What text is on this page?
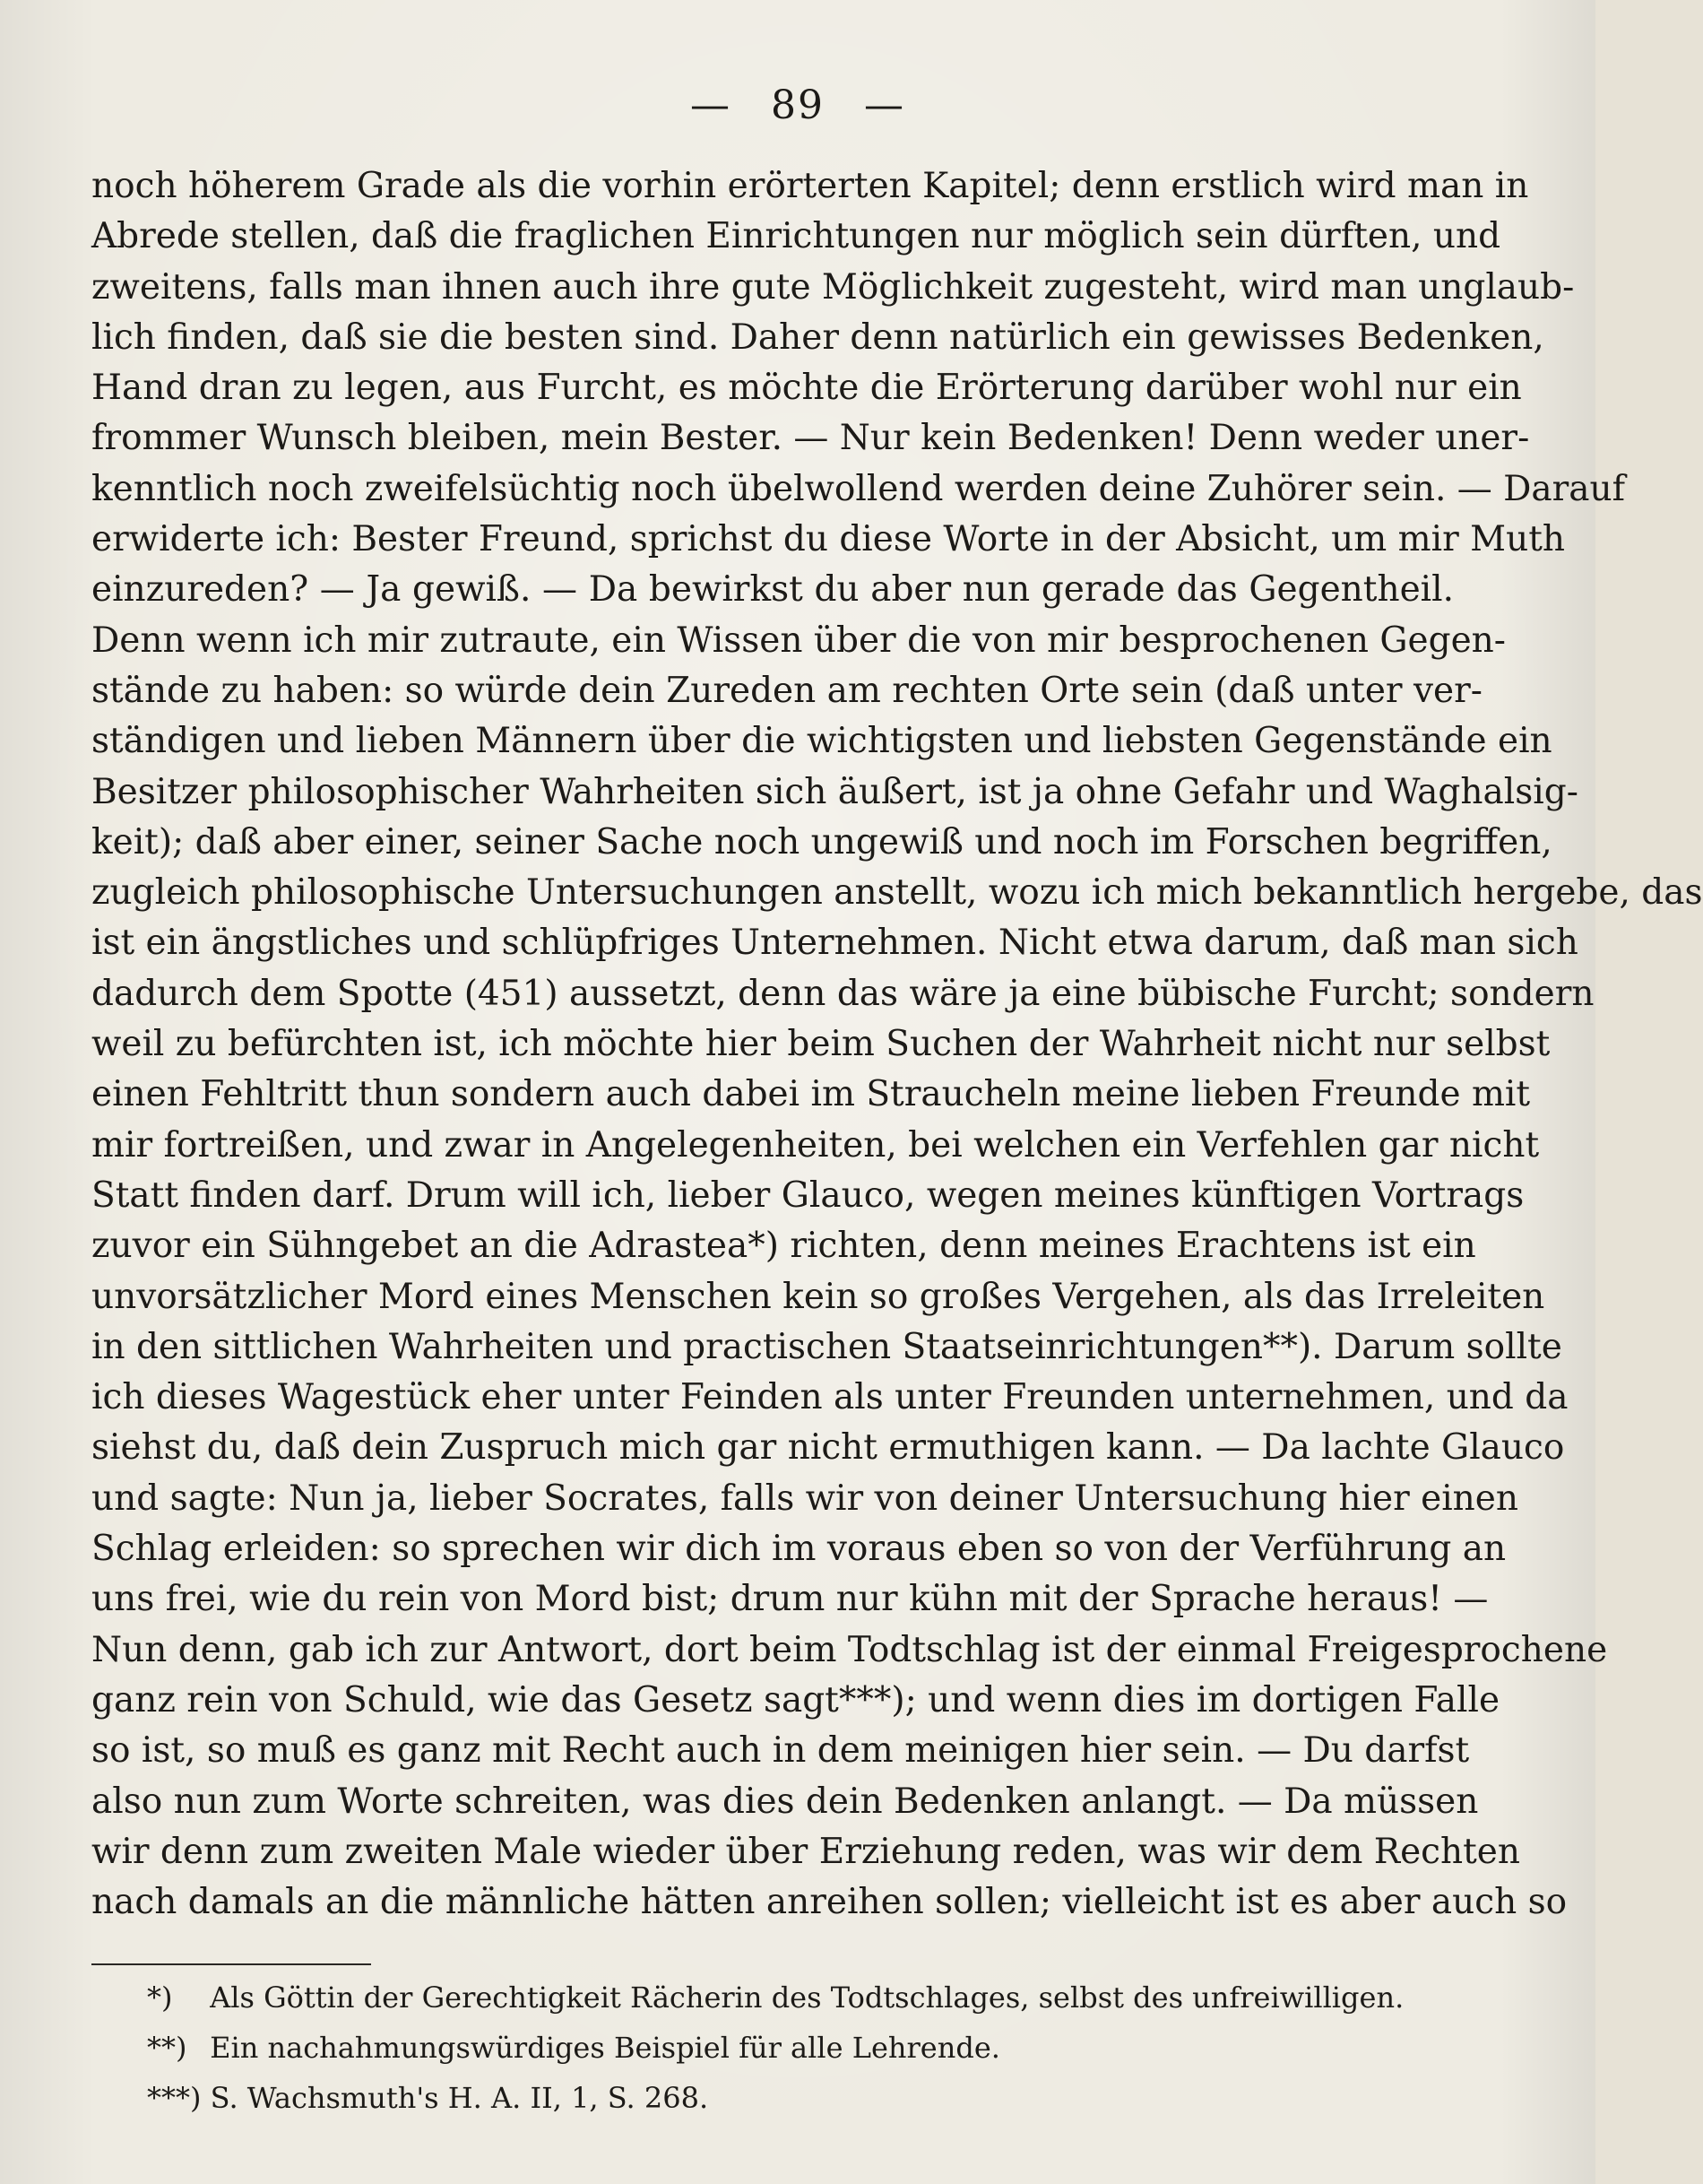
— 89 —
noch höherem Grade als die vorhin erörterten Kapitel; denn erstlich wird man in
Abrede stellen, daß die fraglichen Einrichtungen nur möglich sein dürften, und
zweitens, falls man ihnen auch ihre gute Möglichkeit zugesteht, wird man unglaub-
lich finden, daß sie die besten sind. Daher denn natürlich ein gewisses Bedenken,
Hand dran zu legen, aus Furcht, es möchte die Erörterung darüber wohl nur ein
frommer Wunsch bleiben, mein Bester. — Nur kein Bedenken! Denn weder uner-
kenntlich noch zweifelsüchtig noch übelwollend werden deine Zuhörer sein. — Darauf
erwiderte ich: Bester Freund, sprichst du diese Worte in der Absicht, um mir Muth
einzureden? — Ja gewiß. — Da bewirkst du aber nun gerade das Gegentheil.
Denn wenn ich mir zutraute, ein Wissen über die von mir besprochenen Gegen-
stände zu haben: so würde dein Zureden am rechten Orte sein (daß unter ver-
ständigen und lieben Männern über die wichtigsten und liebsten Gegenstände ein
Besitzer philosophischer Wahrheiten sich äußert, ist ja ohne Gefahr und Waghalsig-
keit); daß aber einer, seiner Sache noch ungewiß und noch im Forschen begriffen,
zugleich philosophische Untersuchungen anstellt, wozu ich mich bekanntlich hergebe, das
ist ein ängstliches und schlüpfriges Unternehmen. Nicht etwa darum, daß man sich
dadurch dem Spotte (451) aussetzt, denn das wäre ja eine bübische Furcht; sondern
weil zu befürchten ist, ich möchte hier beim Suchen der Wahrheit nicht nur selbst
einen Fehltritt thun sondern auch dabei im Straucheln meine lieben Freunde mit
mir fortreißen, und zwar in Angelegenheiten, bei welchen ein Verfehlen gar nicht
Statt finden darf. Drum will ich, lieber Glauco, wegen meines künftigen Vortrags
zuvor ein Sühngebet an die Adrastea*) richten, denn meines Erachtens ist ein
unvorsätzlicher Mord eines Menschen kein so großes Vergehen, als das Irreleiten
in den sittlichen Wahrheiten und practischen Staatseinrichtungen**). Darum sollte
ich dieses Wagestück eher unter Feinden als unter Freunden unternehmen, und da
siehst du, daß dein Zuspruch mich gar nicht ermuthigen kann. — Da lachte Glauco
und sagte: Nun ja, lieber Socrates, falls wir von deiner Untersuchung hier einen
Schlag erleiden: so sprechen wir dich im voraus eben so von der Verführung an
uns frei, wie du rein von Mord bist; drum nur kühn mit der Sprache heraus! —
Nun denn, gab ich zur Antwort, dort beim Todtschlag ist der einmal Freigesprochene
ganz rein von Schuld, wie das Gesetz sagt***); und wenn dies im dortigen Falle
so ist, so muß es ganz mit Recht auch in dem meinigen hier sein. — Du darfst
also nun zum Worte schreiten, was dies dein Bedenken anlangt. — Da müssen
wir denn zum zweiten Male wieder über Erziehung reden, was wir dem Rechten
nach damals an die männliche hätten anreihen sollen; vielleicht ist es aber auch so
*) Als Göttin der Gerechtigkeit Rächerin des Todtschlages, selbst des unfreiwilligen.
**) Ein nachahmungswürdiges Beispiel für alle Lehrende.
***) S. Wachsmuth's H. A. II, 1, S. 268.
